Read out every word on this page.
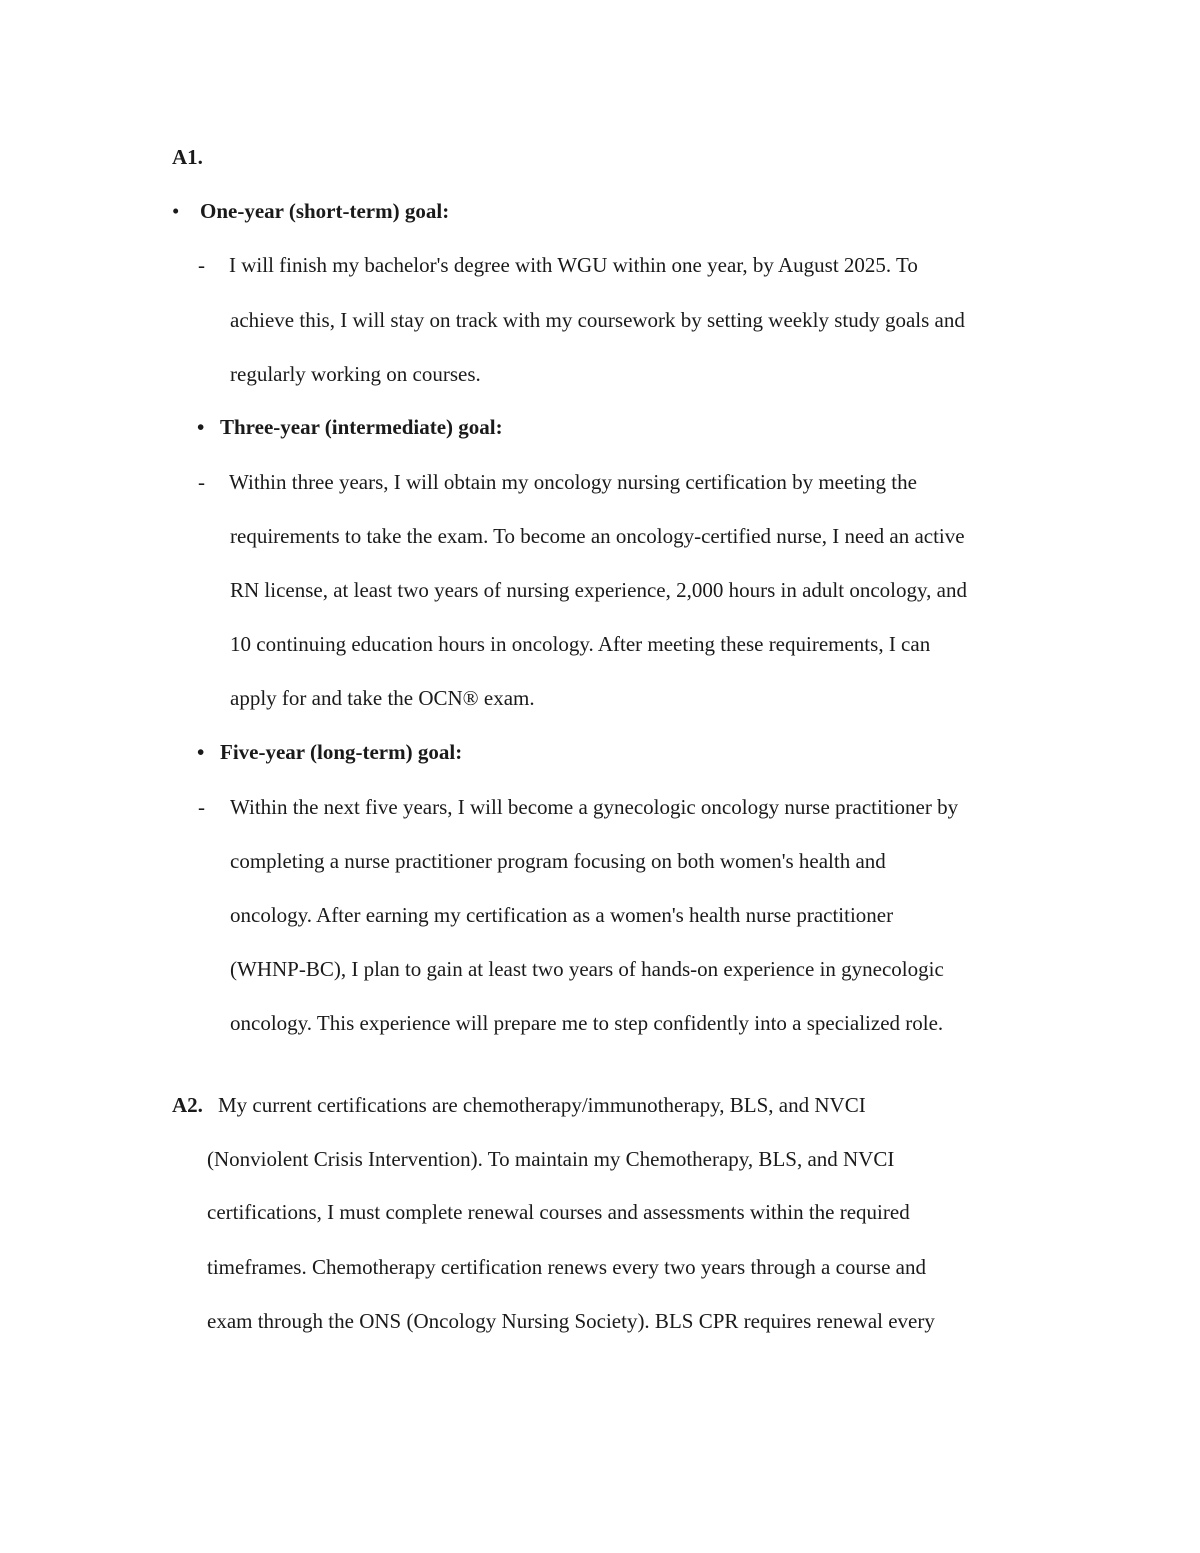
A1.
• One-year (short-term) goal:
- I will finish my bachelor's degree with WGU within one year, by August 2025. To
achieve this, I will stay on track with my coursework by setting weekly study goals and
regularly working on courses.
• Three-year (intermediate) goal:
- Within three years, I will obtain my oncology nursing certification by meeting the
requirements to take the exam. To become an oncology-certified nurse, I need an active
RN license, at least two years of nursing experience, 2,000 hours in adult oncology, and
10 continuing education hours in oncology. After meeting these requirements, I can
apply for and take the OCN® exam.
• Five-year (long-term) goal:
- Within the next five years, I will become a gynecologic oncology nurse practitioner by
completing a nurse practitioner program focusing on both women's health and
oncology. After earning my certification as a women's health nurse practitioner
(WHNP-BC), I plan to gain at least two years of hands-on experience in gynecologic
oncology. This experience will prepare me to step confidently into a specialized role.
A2. My current certifications are chemotherapy/immunotherapy, BLS, and NVCI
(Nonviolent Crisis Intervention). To maintain my Chemotherapy, BLS, and NVCI
certifications, I must complete renewal courses and assessments within the required
timeframes. Chemotherapy certification renews every two years through a course and
exam through the ONS (Oncology Nursing Society). BLS CPR requires renewal every
